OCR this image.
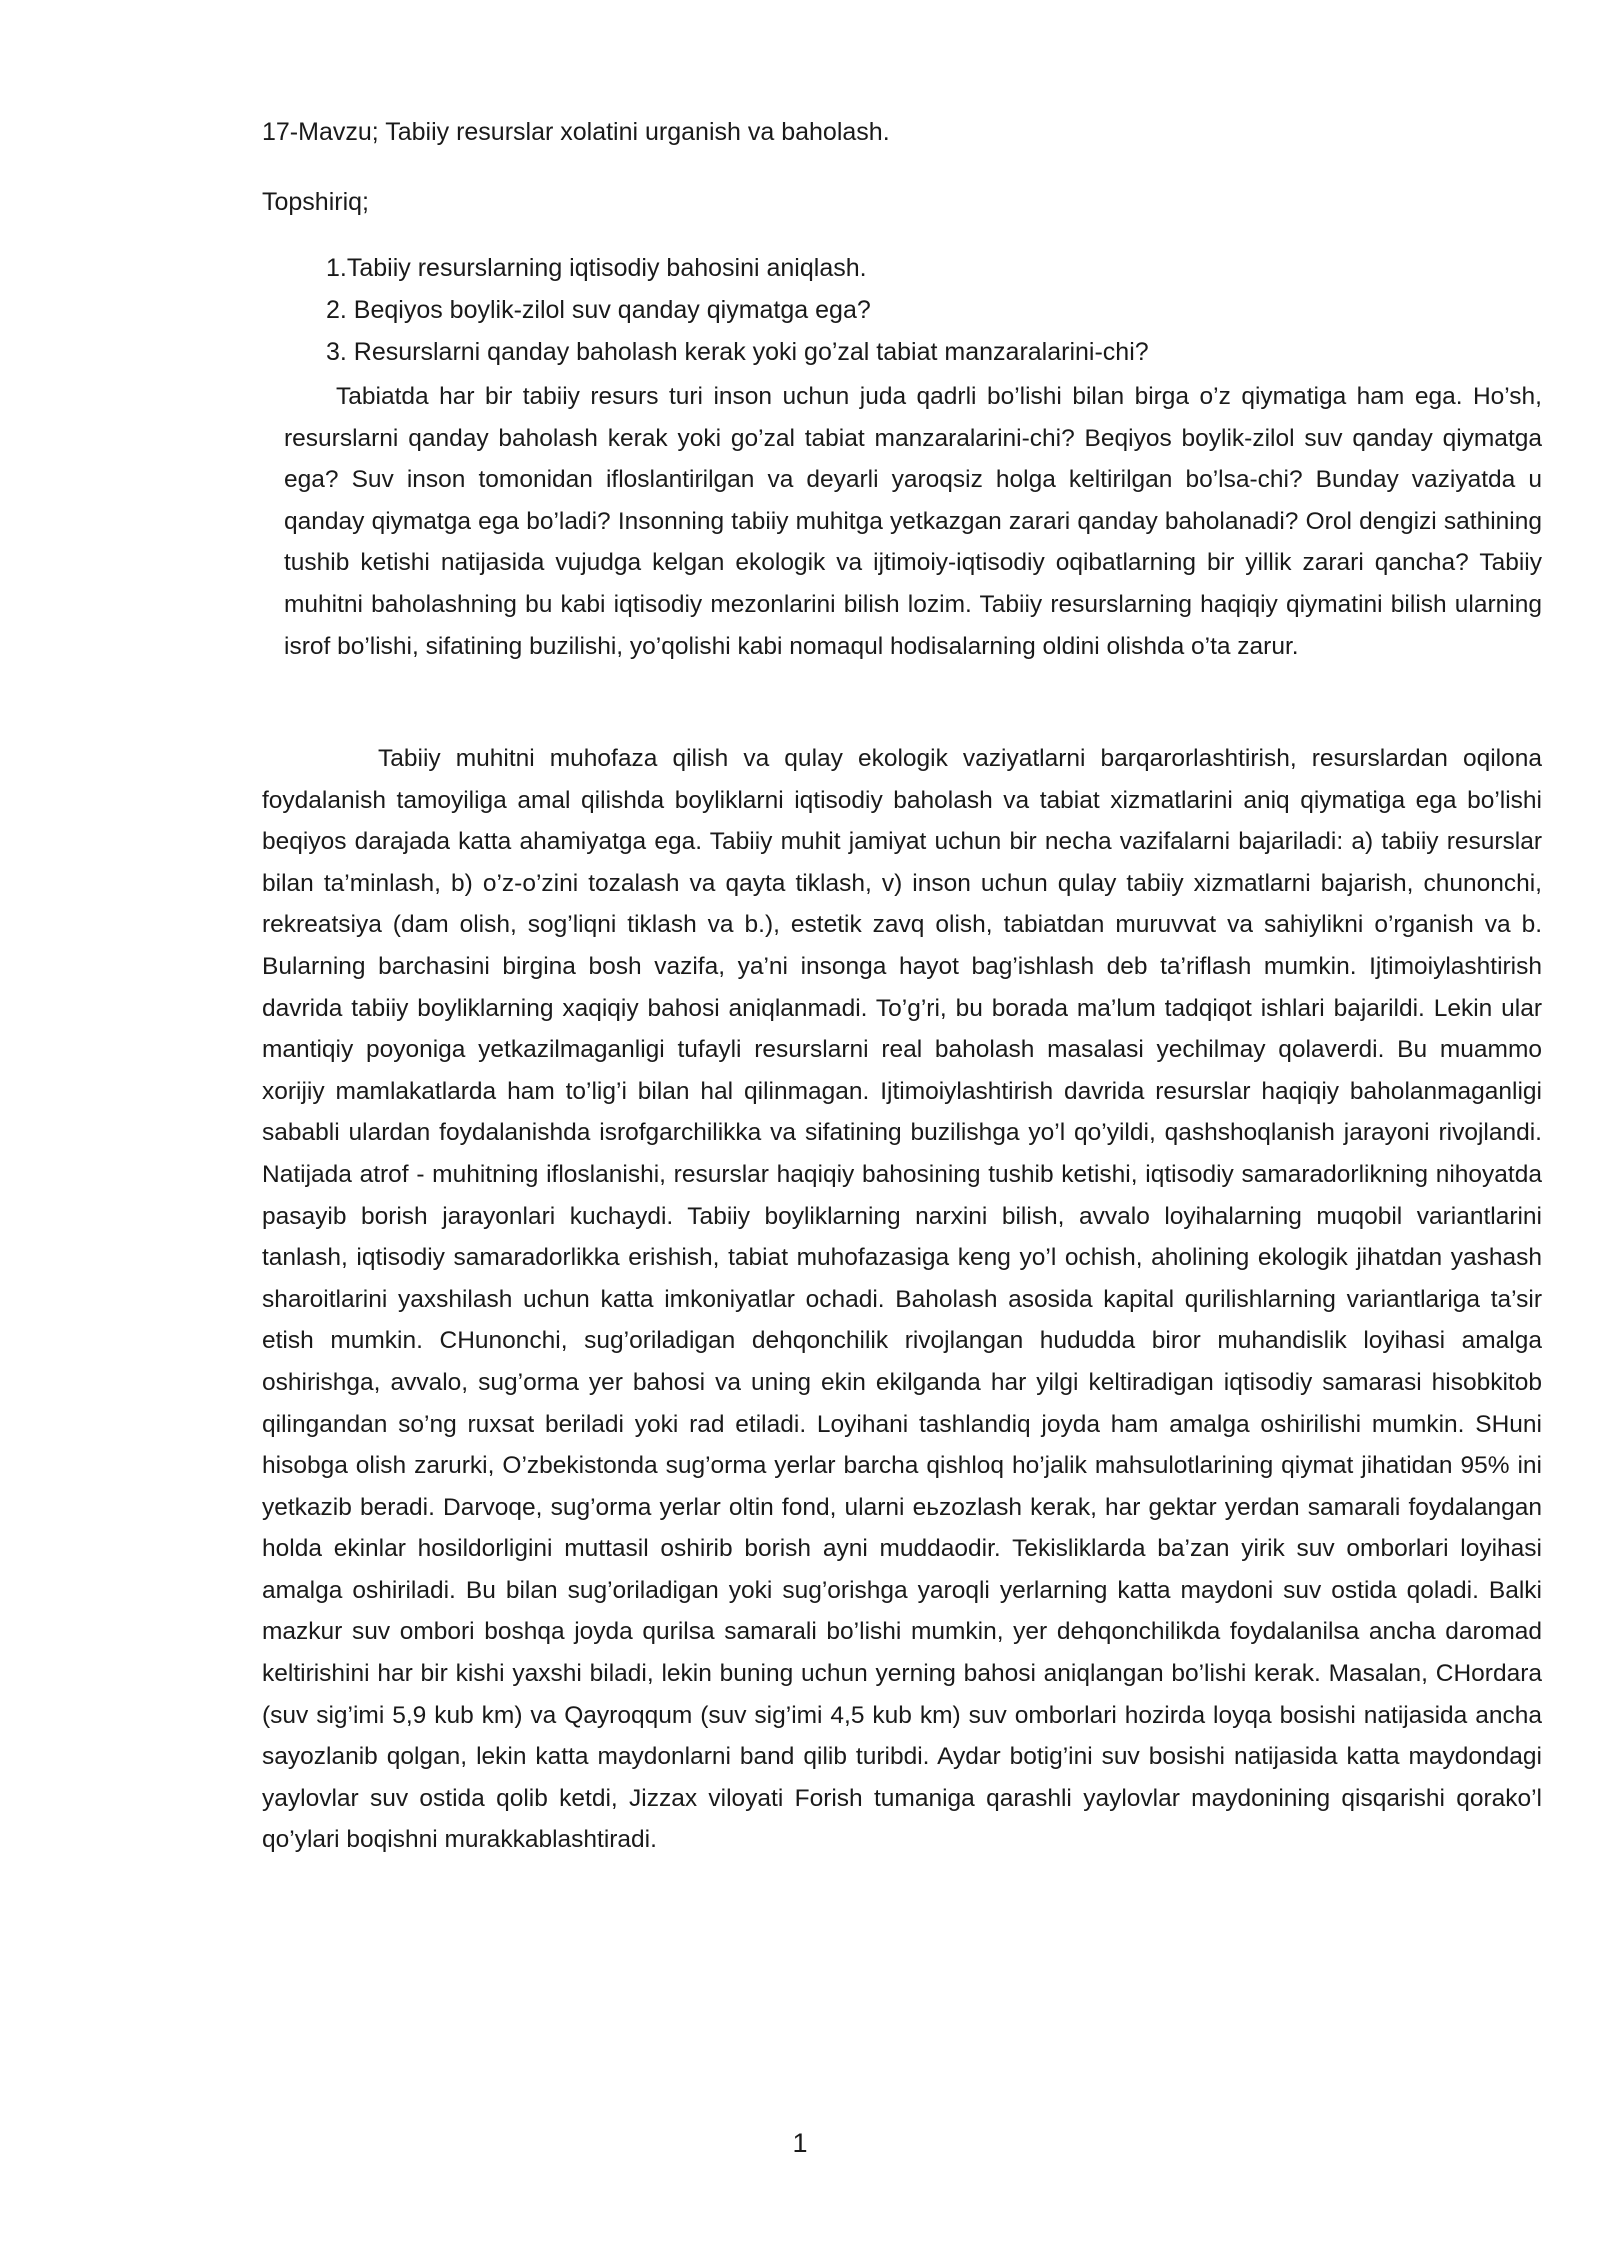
17-Mavzu; Tabiiy resurslar xolatini urganish va baholash.
Topshiriq;
1.Tabiiy resurslarning iqtisodiy bahosini aniqlash.
2. Beqiyos boylik-zilol suv qanday qiymatga ega?
3. Resurslarni qanday baholash kerak yoki go’zal tabiat manzaralarini-chi?

Tabiatda har bir tabiiy resurs turi inson uchun juda qadrli bo’lishi bilan birga o’z qiymatiga ham ega. Ho’sh, resurslarni qanday baholash kerak yoki go’zal tabiat manzaralarini-chi? Beqiyos boylik-zilol suv qanday qiymatga ega? Suv inson tomonidan ifloslantirilgan va deyarli yaroqsiz holga keltirilgan bo’lsa-chi? Bunday vaziyatda u qanday qiymatga ega bo’ladi? Insonning tabiiy muhitga yetkazgan zarari qanday baholanadi? Orol dengizi sathining tushib ketishi natijasida vujudga kelgan ekologik va ijtimoiy-iqtisodiy oqibatlarning bir yillik zarari qancha? Tabiiy muhitni baholashning bu kabi iqtisodiy mezonlarini bilish lozim. Tabiiy resurslarning haqiqiy qiymatini bilish ularning isrof bo’lishi, sifatining buzilishi, yo’qolishi kabi nomaqul hodisalarning oldini olishda o’ta zarur.

Tabiiy muhitni muhofaza qilish va qulay ekologik vaziyatlarni barqarorlashtirish, resurslardan oqilona foydalanish tamoyiliga amal qilishda boyliklarni iqtisodiy baholash va tabiat xizmatlarini aniq qiymatiga ega bo’lishi beqiyos darajada katta ahamiyatga ega. Tabiiy muhit jamiyat uchun bir necha vazifalarni bajariladi: a) tabiiy resurslar bilan ta’minlash, b) o’z-o’zini tozalash va qayta tiklash, v) inson uchun qulay tabiiy xizmatlarni bajarish, chunonchi, rekreatsiya (dam olish, sog’liqni tiklash va b.), estetik zavq olish, tabiatdan muruvvat va sahiylikni o’rganish va b. Bularning barchasini birgina bosh vazifa, ya’ni insonga hayot bag’ishlash deb ta’riflash mumkin. Ijtimoiylashtirish davrida tabiiy boyliklarning xaqiqiy bahosi aniqlanmadi. To’g’ri, bu borada ma’lum tadqiqot ishlari bajarildi. Lekin ular mantiqiy poyoniga yetkazilmaganligi tufayli resurslarni real baholash masalasi yechilmay qolaverdi. Bu muammo xorijiy mamlakatlarda ham to’lig’i bilan hal qilinmagan. Ijtimoiylashtirish davrida resurslar haqiqiy baholanmaganligi sababli ulardan foydalanishda isrofgarchilikka va sifatining buzilishga yo’l qo’yildi, qashshoqlanish jarayoni rivojlandi. Natijada atrof - muhitning ifloslanishi, resurslar haqiqiy bahosining tushib ketishi, iqtisodiy samaradorlikning nihoyatda pasayib borish jarayonlari kuchaydi. Tabiiy boyliklarning narxini bilish, avvalo loyihalarning muqobil variantlarini tanlash, iqtisodiy samaradorlikka erishish, tabiat muhofazasiga keng yo’l ochish, aholining ekologik jihatdan yashash sharoitlarini yaxshilash uchun katta imkoniyatlar ochadi. Baholash asosida kapital qurilishlarning variantlariga ta’sir etish mumkin. CHunonchi, sug’oriladigan dehqonchilik rivojlangan hududda biror muhandislik loyihasi amalga oshirishga, avvalo, sug’orma yer bahosi va uning ekin ekilganda har yilgi keltiradigan iqtisodiy samarasi hisobkitob qilingandan so’ng ruxsat beriladi yoki rad etiladi. Loyihani tashlandiq joyda ham amalga oshirilishi mumkin. SHuni hisobga olish zarurki, O’zbekistonda sug’orma yerlar barcha qishloq ho’jalik mahsulotlarining qiymat jihatidan 95% ini yetkazib beradi. Darvoqe, sug’orma yerlar oltin fond, ularni eьzozlash kerak, har gektar yerdan samarali foydalangan holda ekinlar hosildorligini muttasil oshirib borish ayni muddaodir. Tekisliklarda ba’zan yirik suv omborlari loyihasi amalga oshiriladi. Bu bilan sug’oriladigan yoki sug’orishga yaroqli yerlarning katta maydoni suv ostida qoladi. Balki mazkur suv ombori boshqa joyda qurilsa samarali bo’lishi mumkin, yer dehqonchilikda foydalanilsa ancha daromad keltirishini har bir kishi yaxshi biladi, lekin buning uchun yerning bahosi aniqlangan bo’lishi kerak. Masalan, CHordara (suv sig’imi 5,9 kub km) va Qayroqqum (suv sig’imi 4,5 kub km) suv omborlari hozirda loyqa bosishi natijasida ancha sayozlanib qolgan, lekin katta maydonlarni band qilib turibdi. Aydar botig’ini suv bosishi natijasida katta maydondagi yaylovlar suv ostida qolib ketdi, Jizzax viloyati Forish tumaniga qarashli yaylovlar maydonining qisqarishi qorako’l qo’ylari boqishni murakkablashtiradi.

1
